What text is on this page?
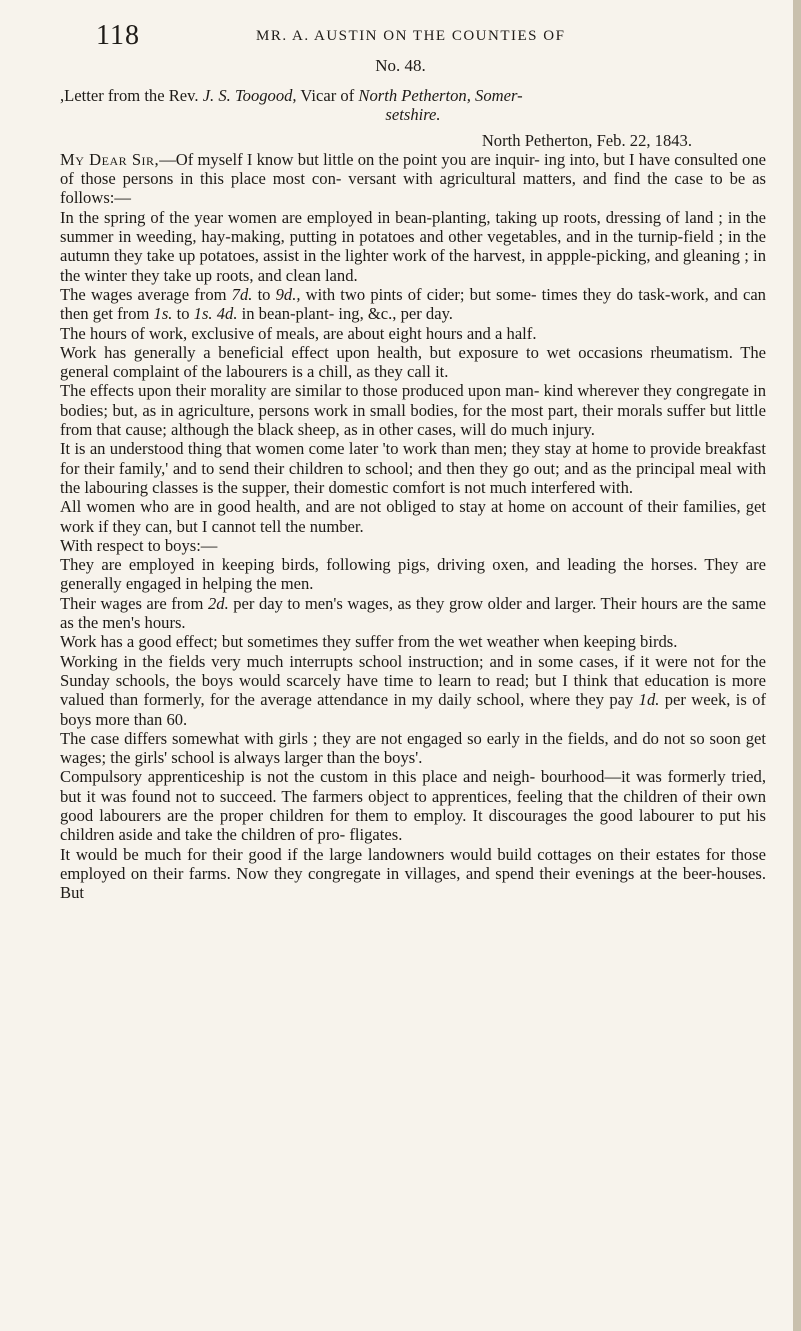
118	MR. A. AUSTIN ON THE COUNTIES OF
No. 48.

,Letter from the Rev. J. S. Toogood, Vicar of North Petherton, Somer-
setshire.

North Petherton, Feb. 22, 1843.

My Dear Sir,—Of myself I know but little on the point you are inquir- ing into, but I have consulted one of those persons in this place most con- versant with agricultural matters, and find the case to be as follows:—

In the spring of the year women are employed in bean-planting, taking up roots, dressing of land ; in the summer in weeding, hay-making, putting in potatoes and other vegetables, and in the turnip-field ; in the autumn they take up potatoes, assist in the lighter work of the harvest, in appple-picking, and gleaning ; in the winter they take up roots, and clean land.

The wages average from 7d. to 9d., with two pints of cider; but some- times they do task-work, and can then get from 1s. to 1s. 4d. in bean-plant- ing, &c., per day.

The hours of work, exclusive of meals, are about eight hours and a half.

Work has generally a beneficial effect upon health, but exposure to wet occasions rheumatism. The general complaint of the labourers is a chill, as they call it.

The effects upon their morality are similar to those produced upon man- kind wherever they congregate in bodies; but, as in agriculture, persons work in small bodies, for the most part, their morals suffer but little from that cause; although the black sheep, as in other cases, will do much injury.

It is an understood thing that women come later 'to work than men; they stay at home to provide breakfast for their family,' and to send their children to school; and then they go out; and as the principal meal with the labouring classes is the supper, their domestic comfort is not much interfered with.

All women who are in good health, and are not obliged to stay at home on account of their families, get work if they can, but I cannot tell the number.

With respect to boys:—

They are employed in keeping birds, following pigs, driving oxen, and leading the horses. They are generally engaged in helping the men.

Their wages are from 2d. per day to men's wages, as they grow older and larger. Their hours are the same as the men's hours.

Work has a good effect; but sometimes they suffer from the wet weather when keeping birds.

Working in the fields very much interrupts school instruction; and in some cases, if it were not for the Sunday schools, the boys would scarcely have time to learn to read; but I think that education is more valued than formerly, for the average attendance in my daily school, where they pay 1d. per week, is of boys more than 60.

The case differs somewhat with girls ; they are not engaged so early in the fields, and do not so soon get wages; the girls' school is always larger than the boys'.

Compulsory apprenticeship is not the custom in this place and neigh- bourhood—it was formerly tried, but it was found not to succeed. The farmers object to apprentices, feeling that the children of their own good labourers are the proper children for them to employ. It discourages the good labourer to put his children aside and take the children of pro- fligates.

It would be much for their good if the large landowners would build cottages on their estates for those employed on their farms. Now they congregate in villages, and spend their evenings at the beer-houses. But
